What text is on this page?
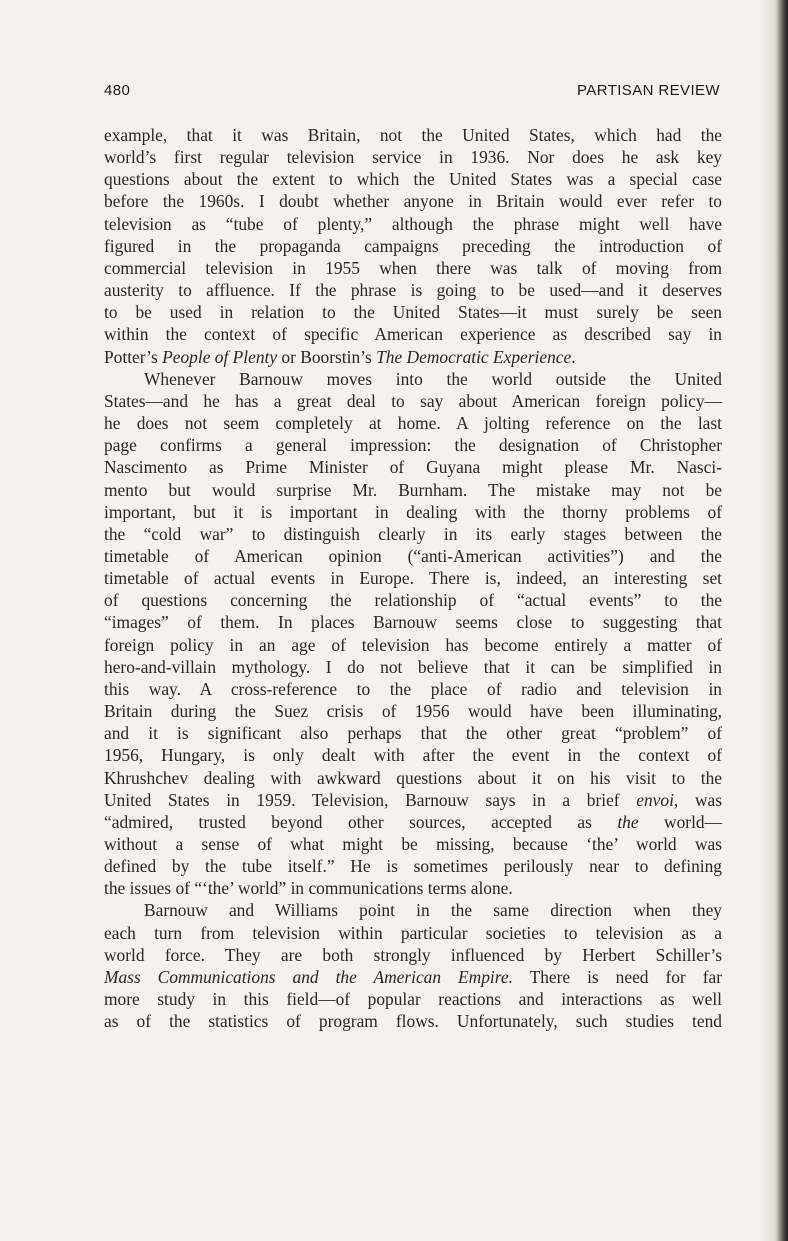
480	PARTISAN REVIEW
example, that it was Britain, not the United States, which had the
world’s first regular television service in 1936. Nor does he ask key
questions about the extent to which the United States was a special case
before the 1960s. I doubt whether anyone in Britain would ever refer to
television as “tube of plenty,” although the phrase might well have
figured in the propaganda campaigns preceding the introduction of
commercial television in 1955 when there was talk of moving from
austerity to affluence. If the phrase is going to be used—and it deserves
to be used in relation to the United States—it must surely be seen
within the context of specific American experience as described say in
Potter’s People of Plenty or Boorstin’s The Democratic Experience.
Whenever Barnouw moves into the world outside the United
States—and he has a great deal to say about American foreign policy—
he does not seem completely at home. A jolting reference on the last
page confirms a general impression: the designation of Christopher
Nascimento as Prime Minister of Guyana might please Mr. Nasci-
mento but would surprise Mr. Burnham. The mistake may not be
important, but it is important in dealing with the thorny problems of
the “cold war” to distinguish clearly in its early stages between the
timetable of American opinion (“anti-American activities”) and the
timetable of actual events in Europe. There is, indeed, an interesting set
of questions concerning the relationship of “actual events” to the
“images” of them. In places Barnouw seems close to suggesting that
foreign policy in an age of television has become entirely a matter of
hero-and-villain mythology. I do not believe that it can be simplified in
this way. A cross-reference to the place of radio and television in
Britain during the Suez crisis of 1956 would have been illuminating,
and it is significant also perhaps that the other great “problem” of
1956, Hungary, is only dealt with after the event in the context of
Khrushchev dealing with awkward questions about it on his visit to the
United States in 1959. Television, Barnouw says in a brief envoi, was
“admired, trusted beyond other sources, accepted as the world—
without a sense of what might be missing, because ‘the’ world was
defined by the tube itself.” He is sometimes perilously near to defining
the issues of “‘the’ world” in communications terms alone.
Barnouw and Williams point in the same direction when they
each turn from television within particular societies to television as a
world force. They are both strongly influenced by Herbert Schiller’s
Mass Communications and the American Empire. There is need for far
more study in this field—of popular reactions and interactions as well
as of the statistics of program flows. Unfortunately, such studies tend
